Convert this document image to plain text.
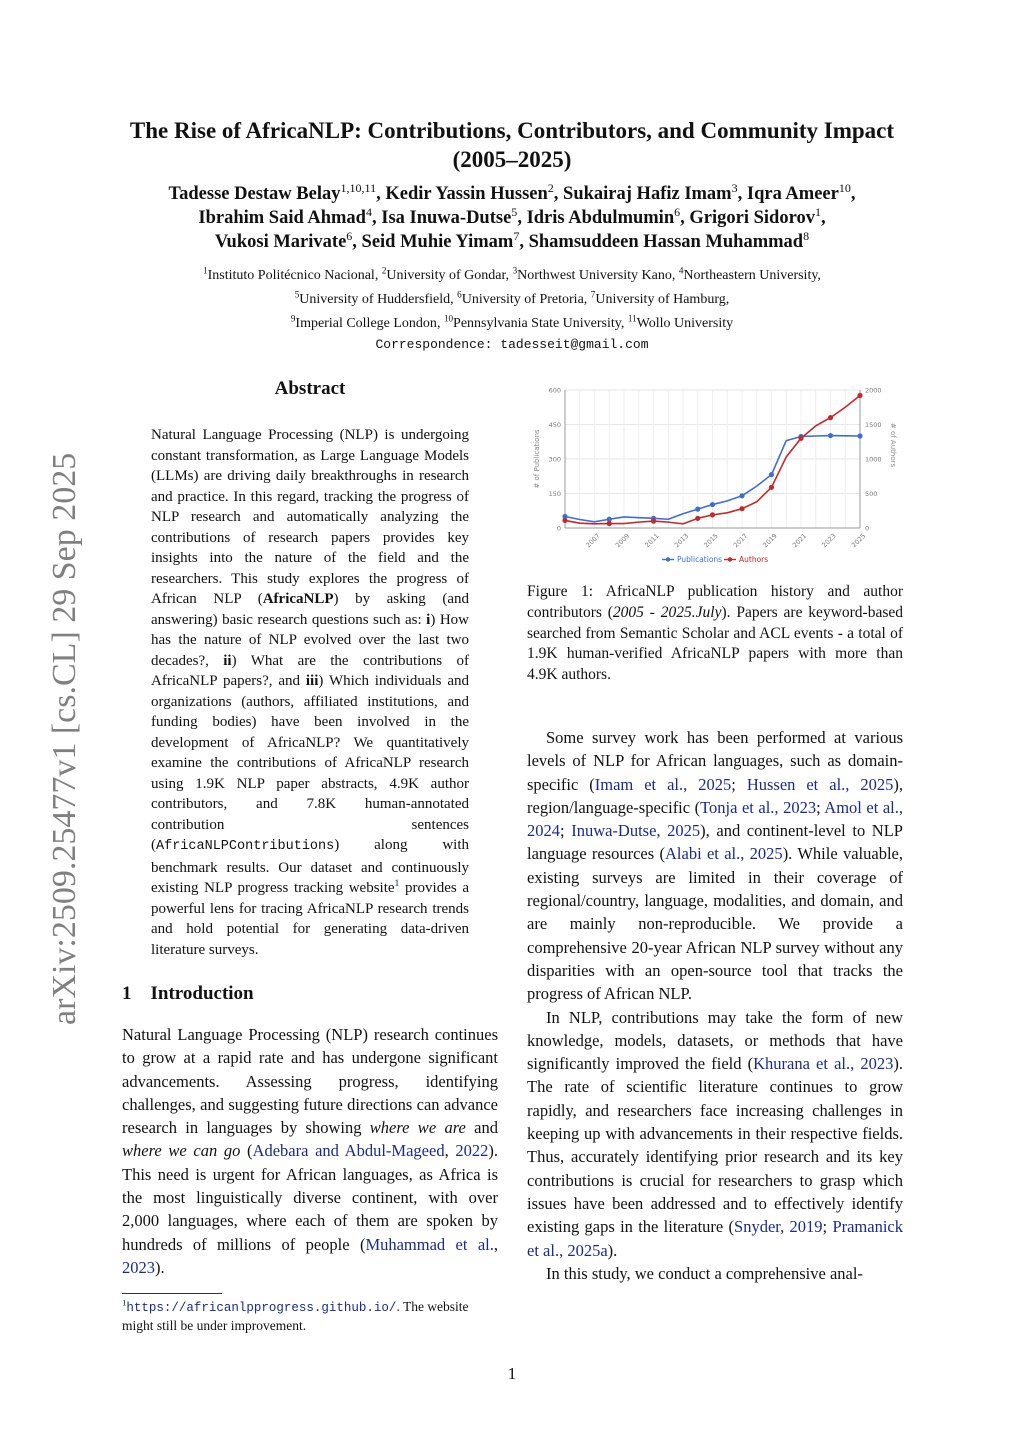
The Rise of AfricaNLP: Contributions, Contributors, and Community Impact (2005–2025)
Tadesse Destaw Belay$^{1,10,11}$, Kedir Yassin Hussen$^2$, Sukairaj Hafiz Imam$^3$, Iqra Ameer$^{10}$,
Ibrahim Said Ahmad$^4$, Isa Inuwa-Dutse$^5$, Idris Abdulmumin$^6$, Grigori Sidorov$^1$,
Vukosi Marivate$^6$, Seid Muhie Yimam$^7$, Shamsuddeen Hassan Muhammad$^8$
$^1$Instituto Politécnico Nacional, $^2$University of Gondar, $^3$Northwest University Kano, $^4$Northeastern University,
$^5$University of Huddersfield, $^6$University of Pretoria, $^7$University of Hamburg,
$^9$Imperial College London, $^{10}$Pennsylvania State University, $^{11}$Wollo University
Correspondence: tadesseit@gmail.com
arXiv:2509.25477v1 [cs.CL] 29 Sep 2025
Abstract
Natural Language Processing (NLP) is undergoing constant transformation, as Large Language Models (LLMs) are driving daily breakthroughs in research and practice. In this regard, tracking the progress of NLP research and automatically analyzing the contributions of research papers provides key insights into the nature of the field and the researchers. This study explores the progress of African NLP (AfricaNLP) by asking (and answering) basic research questions such as: i) How has the nature of NLP evolved over the last two decades?, ii) What are the contributions of AfricaNLP papers?, and iii) Which individuals and organizations (authors, affiliated institutions, and funding bodies) have been involved in the development of AfricaNLP? We quantitatively examine the contributions of AfricaNLP research using 1.9K NLP paper abstracts, 4.9K author contributors, and 7.8K human-annotated contribution sentences (AfricaNLPContributions) along with benchmark results. Our dataset and continuously existing NLP progress tracking website$^1$ provides a powerful lens for tracing AfricaNLP research trends and hold potential for generating data-driven literature surveys.
1 Introduction
Natural Language Processing (NLP) research continues to grow at a rapid rate and has undergone significant advancements. Assessing progress, identifying challenges, and suggesting future directions can advance research in languages by showing where we are and where we can go (Adebara and Abdul-Mageed, 2022). This need is urgent for African languages, as Africa is the most linguistically diverse continent, with over 2,000 languages, where each of them are spoken by hundreds of millions of people (Muhammad et al., 2023).
$^1$https://africanlpprogress.github.io/. The website might still be under improvement.
0
150
300
450
600
0
500
1000
1500
2000
2007 2009 2011 2013 2015 2017 2019 2021 2023 2025
# of Publications	# of Authors
Publications Authors
Figure 1: AfricaNLP publication history and author contributors (2005 - 2025.July). Papers are keyword-based searched from Semantic Scholar and ACL events - a total of 1.9K human-verified AfricaNLP papers with more than 4.9K authors.

Some survey work has been performed at various levels of NLP for African languages, such as domain-specific (Imam et al., 2025; Hussen et al., 2025), region/language-specific (Tonja et al., 2023; Amol et al., 2024; Inuwa-Dutse, 2025), and continent-level to NLP language resources (Alabi et al., 2025). While valuable, existing surveys are limited in their coverage of regional/country, language, modalities, and domain, and are mainly non-reproducible. We provide a comprehensive 20-year African NLP survey without any disparities with an open-source tool that tracks the progress of African NLP.

In NLP, contributions may take the form of new knowledge, models, datasets, or methods that have significantly improved the field (Khurana et al., 2023). The rate of scientific literature continues to grow rapidly, and researchers face increasing challenges in keeping up with advancements in their respective fields. Thus, accurately identifying prior research and its key contributions is crucial for researchers to grasp which issues have been addressed and to effectively identify existing gaps in the literature (Snyder, 2019; Pramanick et al., 2025a).

In this study, we conduct a comprehensive anal-

1
